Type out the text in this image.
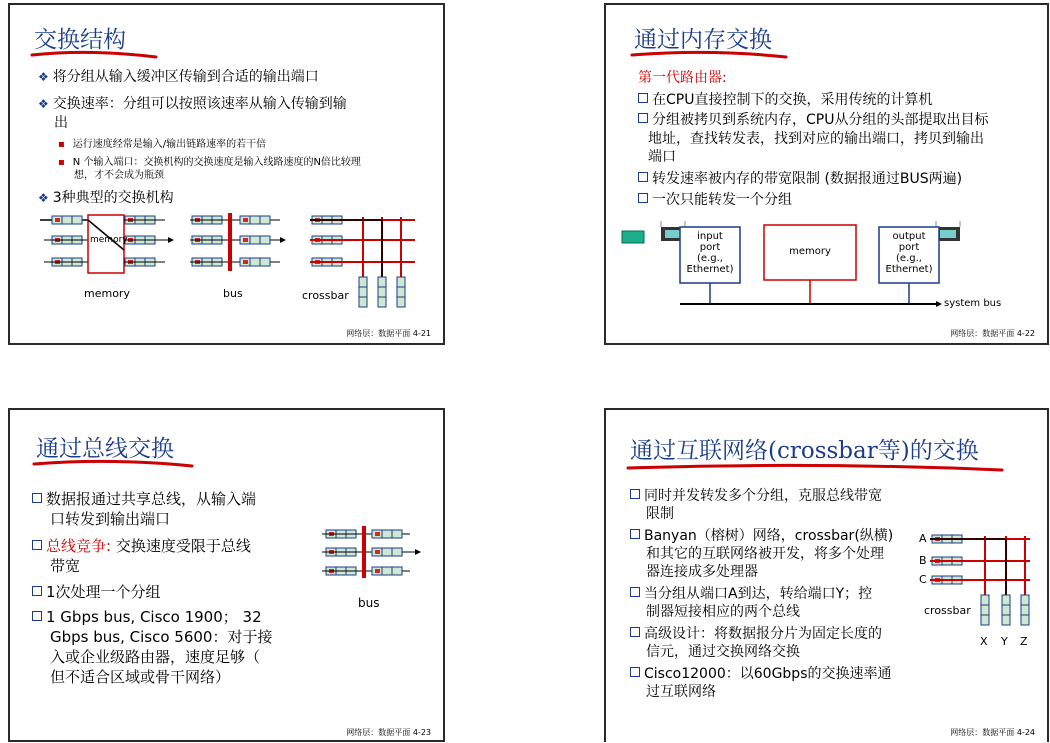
交换结构
❖ 将分组从输入缓冲区传输到合适的输出端口
❖ 交换速率：分组可以按照该速率从输入传输到输
出
▪ 运行速度经常是输入/输出链路速率的若干倍
▪ N 个输入端口：交换机构的交换速度是输入线路速度的N倍比较理
想，才不会成为瓶颈
❖ 3种典型的交换机构
memory
memory	bus	crossbar
网络层：数据平面 4-21
通过内存交换
第一代路由器:
在CPU直接控制下的交换，采用传统的计算机
分组被拷贝到系统内存，CPU从分组的头部提取出目标
地址，查找转发表，找到对应的输出端口，拷贝到输出
端口
转发速率被内存的带宽限制 (数据报通过BUS两遍)
一次只能转发一个分组
input
port
(e.g.,
Ethernet)
memory
output
port
(e.g.,
Ethernet)
system bus
网络层：数据平面 4-22
通过总线交换
数据报通过共享总线，从输入端
口转发到输出端口
总线竞争: 交换速度受限于总线
带宽
1次处理一个分组
1 Gbps bus, Cisco 1900； 32
Gbps bus, Cisco 5600：对于接
入或企业级路由器，速度足够（
但不适合区域或骨干网络）
bus
网络层：数据平面 4-23
通过互联网络(crossbar等)的交换
同时并发转发多个分组，克服总线带宽
限制
Banyan（榕树）网络，crossbar(纵横)
和其它的互联网络被开发，将多个处理
器连接成多处理器
当分组从端口A到达，转给端口Y；控
制器短接相应的两个总线
高级设计：将数据报分片为固定长度的
信元，通过交换网络交换
Cisco12000：以60Gbps的交换速率通
过互联网络
A
B
C
crossbar
X Y Z
网络层：数据平面 4-24
